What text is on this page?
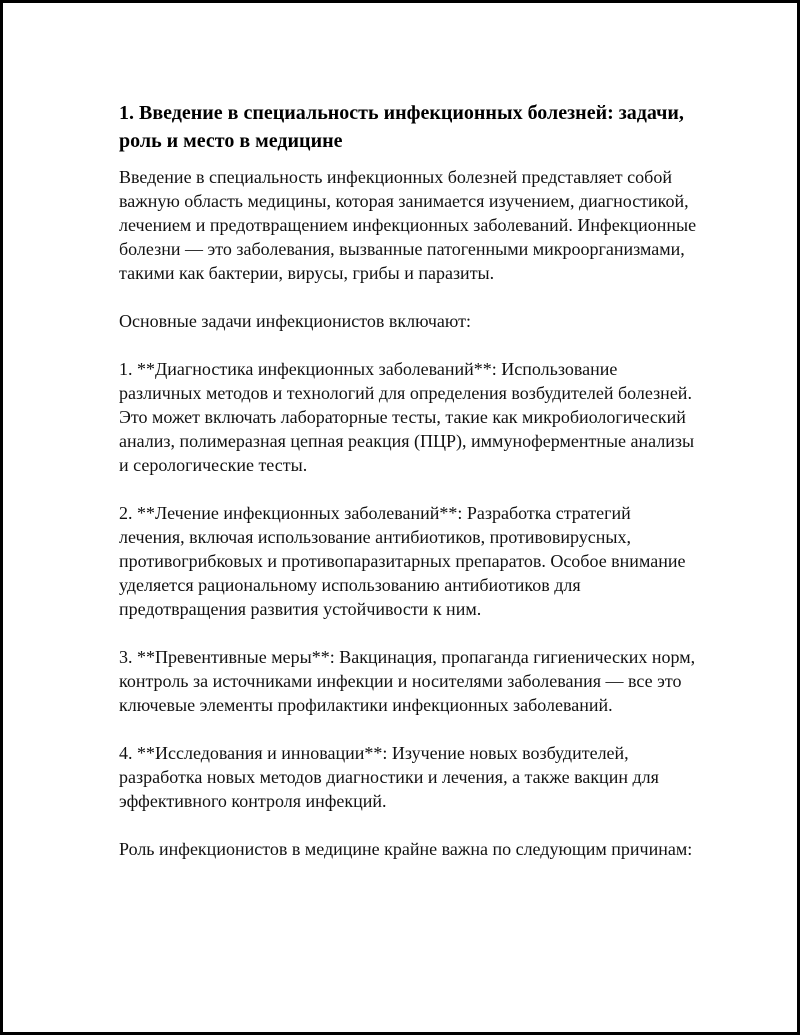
1. Введение в специальность инфекционных болезней: задачи, роль и место в медицине

Введение в специальность инфекционных болезней представляет собой важную область медицины, которая занимается изучением, диагностикой, лечением и предотвращением инфекционных заболеваний. Инфекционные болезни — это заболевания, вызванные патогенными микроорганизмами, такими как бактерии, вирусы, грибы и паразиты.

Основные задачи инфекционистов включают:

1. **Диагностика инфекционных заболеваний**: Использование различных методов и технологий для определения возбудителей болезней. Это может включать лабораторные тесты, такие как микробиологический анализ, полимеразная цепная реакция (ПЦР), иммуноферментные анализы и серологические тесты.

2. **Лечение инфекционных заболеваний**: Разработка стратегий лечения, включая использование антибиотиков, противовирусных, противогрибковых и противопаразитарных препаратов. Особое внимание уделяется рациональному использованию антибиотиков для предотвращения развития устойчивости к ним.

3. **Превентивные меры**: Вакцинация, пропаганда гигиенических норм, контроль за источниками инфекции и носителями заболевания — все это ключевые элементы профилактики инфекционных заболеваний.

4. **Исследования и инновации**: Изучение новых возбудителей, разработка новых методов диагностики и лечения, а также вакцин для эффективного контроля инфекций.

Роль инфекционистов в медицине крайне важна по следующим причинам:
